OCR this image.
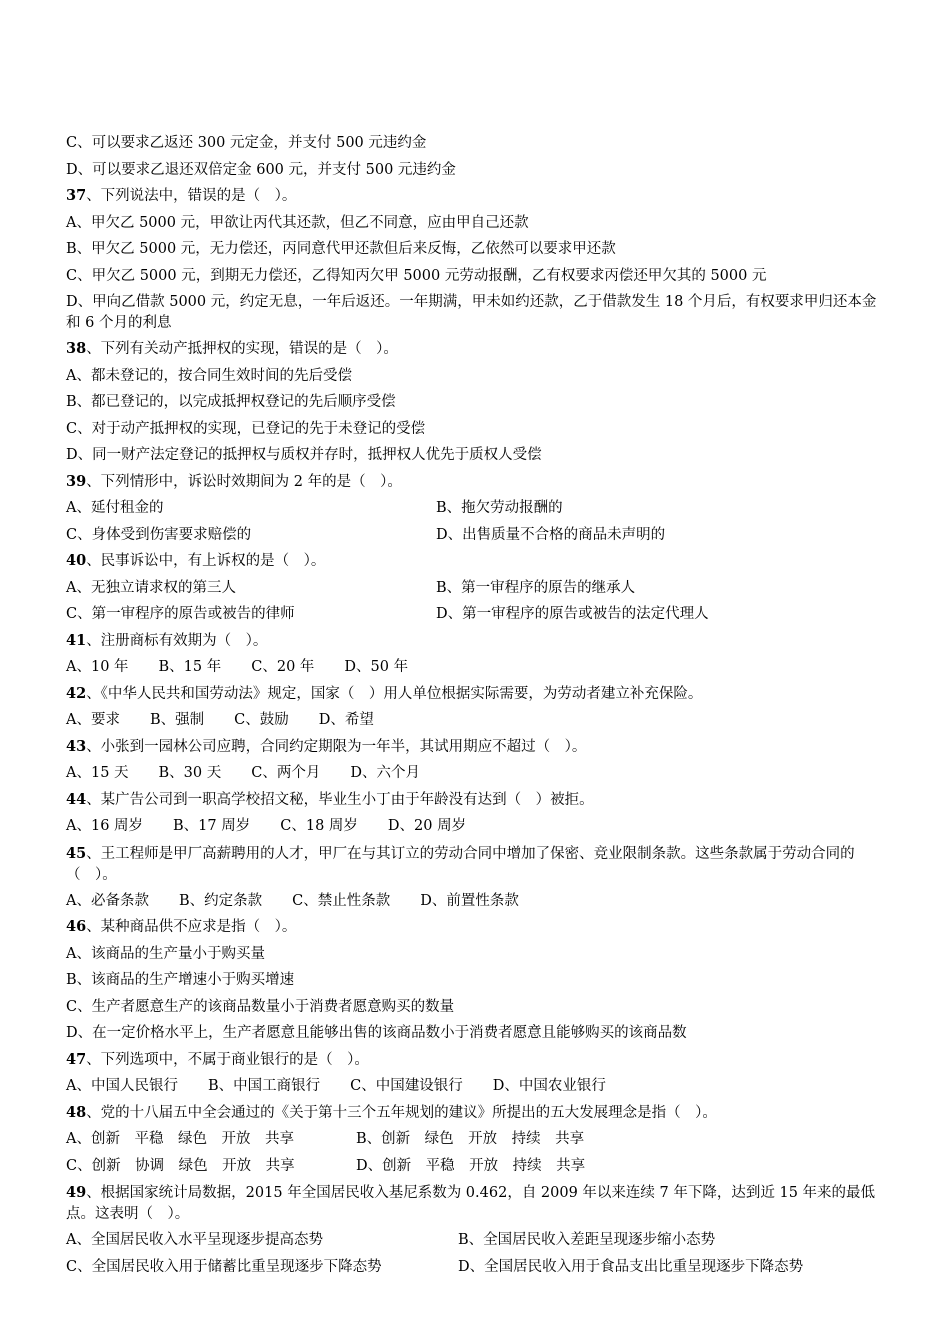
C、可以要求乙返还 300 元定金，并支付 500 元违约金
D、可以要求乙退还双倍定金 600 元，并支付 500 元违约金
37、下列说法中，错误的是（　）。
A、甲欠乙 5000 元，甲欲让丙代其还款，但乙不同意，应由甲自己还款
B、甲欠乙 5000 元，无力偿还，丙同意代甲还款但后来反悔，乙依然可以要求甲还款
C、甲欠乙 5000 元，到期无力偿还，乙得知丙欠甲 5000 元劳动报酬，乙有权要求丙偿还甲欠其的 5000 元
D、甲向乙借款 5000 元，约定无息，一年后返还。一年期满，甲未如约还款，乙于借款发生 18 个月后，有权要求甲归还本金和 6 个月的利息
38、下列有关动产抵押权的实现，错误的是（　）。
A、都未登记的，按合同生效时间的先后受偿
B、都已登记的，以完成抵押权登记的先后顺序受偿
C、对于动产抵押权的实现，已登记的先于未登记的受偿
D、同一财产法定登记的抵押权与质权并存时，抵押权人优先于质权人受偿
39、下列情形中，诉讼时效期间为 2 年的是（　）。
A、延付租金的	B、拖欠劳动报酬的
C、身体受到伤害要求赔偿的	D、出售质量不合格的商品未声明的
40、民事诉讼中，有上诉权的是（　）。
A、无独立请求权的第三人	B、第一审程序的原告的继承人
C、第一审程序的原告或被告的律师	D、第一审程序的原告或被告的法定代理人
41、注册商标有效期为（　）。
A、10 年 B、15 年 C、20 年 D、50 年
42、《中华人民共和国劳动法》规定，国家（　）用人单位根据实际需要，为劳动者建立补充保险。
A、要求 B、强制 C、鼓励 D、希望
43、小张到一园林公司应聘，合同约定期限为一年半，其试用期应不超过（　）。
A、15 天 B、30 天 C、两个月 D、六个月
44、某广告公司到一职高学校招文秘，毕业生小丁由于年龄没有达到（　）被拒。
A、16 周岁 B、17 周岁 C、18 周岁 D、20 周岁
45、王工程师是甲厂高薪聘用的人才，甲厂在与其订立的劳动合同中增加了保密、竞业限制条款。这些条款属于劳动合同的（　）。
A、必备条款 B、约定条款 C、禁止性条款 D、前置性条款
46、某种商品供不应求是指（　）。
A、该商品的生产量小于购买量
B、该商品的生产增速小于购买增速
C、生产者愿意生产的该商品数量小于消费者愿意购买的数量
D、在一定价格水平上，生产者愿意且能够出售的该商品数小于消费者愿意且能够购买的该商品数
47、下列选项中，不属于商业银行的是（　）。
A、中国人民银行 B、中国工商银行 C、中国建设银行 D、中国农业银行
48、党的十八届五中全会通过的《关于第十三个五年规划的建议》所提出的五大发展理念是指（　）。
A、创新　平稳　绿色　开放　共享	B、创新　绿色　开放　持续　共享
C、创新　协调　绿色　开放　共享	D、创新　平稳　开放　持续　共享
49、根据国家统计局数据，2015 年全国居民收入基尼系数为 0.462，自 2009 年以来连续 7 年下降，达到近 15 年来的最低点。这表明（　）。
A、全国居民收入水平呈现逐步提高态势	B、全国居民收入差距呈现逐步缩小态势
C、全国居民收入用于储蓄比重呈现逐步下降态势	D、全国居民收入用于食品支出比重呈现逐步下降态势
